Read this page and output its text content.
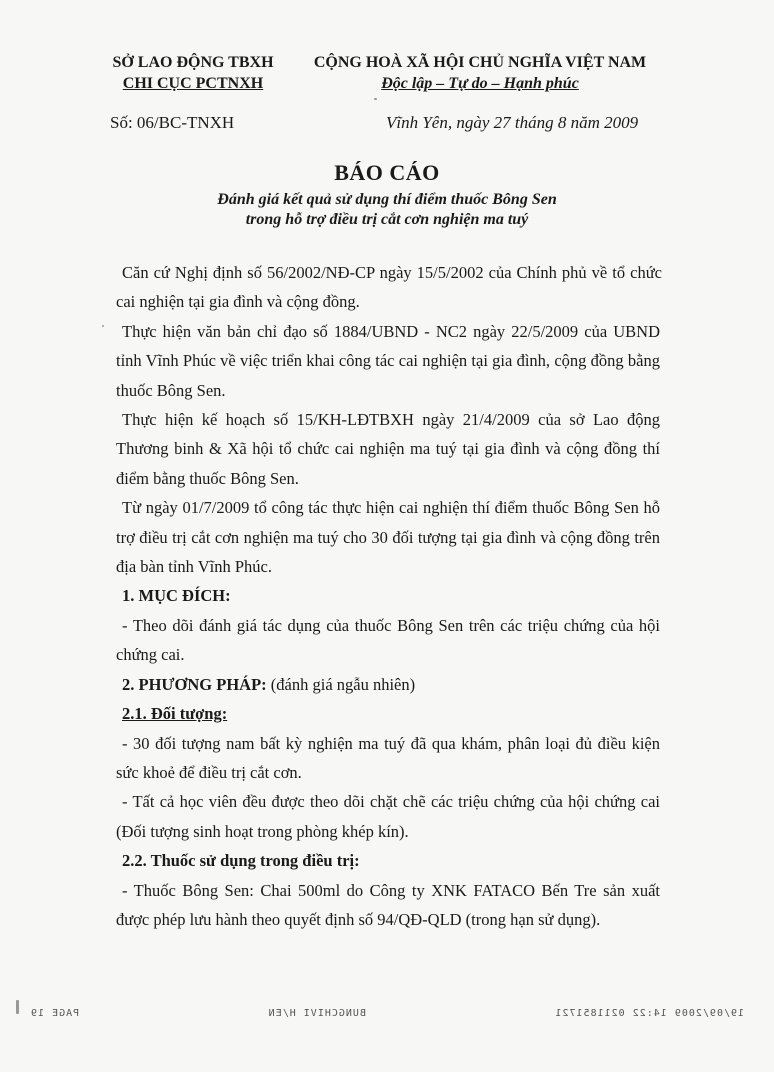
SỞ LAO ĐỘNG TBXH
CHI CỤC PCTNXH
CỘNG HOÀ XÃ HỘI CHỦ NGHĨA VIỆT NAM
Độc lập – Tự do – Hạnh phúc
Số: 06/BC-TNXH	Vĩnh Yên, ngày 27 tháng 8 năm 2009
BÁO CÁO
Đánh giá kết quả sử dụng thí điểm thuốc Bông Sen
trong hỗ trợ điều trị cắt cơn nghiện ma tuý

Căn cứ Nghị định số 56/2002/NĐ-CP ngày 15/5/2002 của Chính phủ về tổ chức cai nghiện tại gia đình và cộng đồng.

Thực hiện văn bản chỉ đạo số 1884/UBND - NC2 ngày 22/5/2009 của UBND tỉnh Vĩnh Phúc về việc triển khai công tác cai nghiện tại gia đình, cộng đồng bằng thuốc Bông Sen.

Thực hiện kế hoạch số 15/KH-LĐTBXH ngày 21/4/2009 của sở Lao động Thương binh & Xã hội tổ chức cai nghiện ma tuý tại gia đình và cộng đồng thí điểm bằng thuốc Bông Sen.

Từ ngày 01/7/2009 tổ công tác thực hiện cai nghiện thí điểm thuốc Bông Sen hỗ trợ điều trị cắt cơn nghiện ma tuý cho 30 đối tượng tại gia đình và cộng đồng trên địa bàn tỉnh Vĩnh Phúc.

1. MỤC ĐÍCH:

- Theo dõi đánh giá tác dụng của thuốc Bông Sen trên các triệu chứng của hội chứng cai.

2. PHƯƠNG PHÁP: (đánh giá ngẫu nhiên)

2.1. Đối tượng:

- 30 đối tượng nam bất kỳ nghiện ma tuý đã qua khám, phân loại đủ điều kiện sức khoẻ để điều trị cắt cơn.

- Tất cả học viên đều được theo dõi chặt chẽ các triệu chứng của hội chứng cai (Đối tượng sinh hoạt trong phòng khép kín).

2.2. Thuốc sử dụng trong điều trị:

- Thuốc Bông Sen: Chai 500ml do Công ty XNK FATACO Bến Tre sản xuất được phép lưu hành theo quyết định số 94/QĐ-QLD (trong hạn sử dụng).

19/09/2009 14:22 0211851721
BUNGCHIVI H/EN
PAGE 19
